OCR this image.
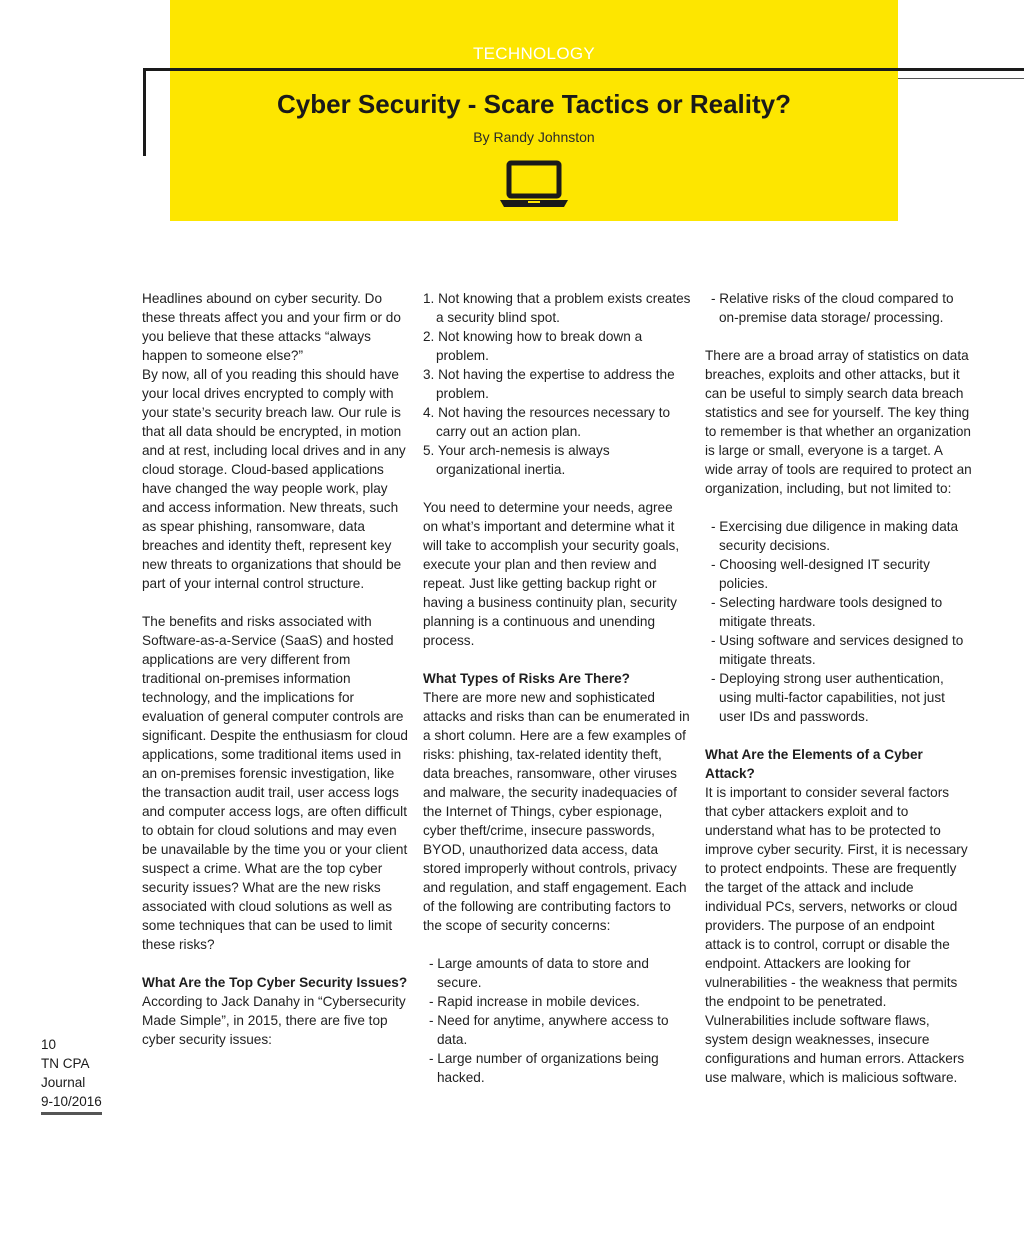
TECHNOLOGY
Cyber Security - Scare Tactics or Reality?
By Randy Johnston

Headlines abound on cyber security. Do these threats affect you and your firm or do you believe that these attacks “always happen to someone else?”

By now, all of you reading this should have your local drives encrypted to comply with your state’s security breach law. Our rule is that all data should be encrypted, in motion and at rest, including local drives and in any cloud storage. Cloud-based applications have changed the way people work, play and access information. New threats, such as spear phishing, ransomware, data breaches and identity theft, represent key new threats to organizations that should be part of your internal control structure.

The benefits and risks associated with Software-as-a-Service (SaaS) and hosted applications are very different from traditional on-premises information technology, and the implications for evaluation of general computer controls are significant. Despite the enthusiasm for cloud applications, some traditional items used in an on-premises forensic investigation, like the transaction audit trail, user access logs and computer access logs, are often difficult to obtain for cloud solutions and may even be unavailable by the time you or your client suspect a crime. What are the top cyber security issues? What are the new risks associated with cloud solutions as well as some techniques that can be used to limit these risks?

What Are the Top Cyber Security Issues?

According to Jack Danahy in “Cybersecurity Made Simple”, in 2015, there are five top cyber security issues:

1. Not knowing that a problem exists creates a security blind spot.
2. Not knowing how to break down a problem.
3. Not having the expertise to address the problem.
4. Not having the resources necessary to carry out an action plan.
5. Your arch-nemesis is always organizational inertia.

You need to determine your needs, agree on what’s important and determine what it will take to accomplish your security goals, execute your plan and then review and repeat. Just like getting backup right or having a business continuity plan, security planning is a continuous and unending process.

What Types of Risks Are There?

There are more new and sophisticated attacks and risks than can be enumerated in a short column. Here are a few examples of risks: phishing, tax-related identity theft, data breaches, ransomware, other viruses and malware, the security inadequacies of the Internet of Things, cyber espionage, cyber theft/crime, insecure passwords, BYOD, unauthorized data access, data stored improperly without controls, privacy and regulation, and staff engagement. Each of the following are contributing factors to the scope of security concerns:

- Large amounts of data to store and secure.
- Rapid increase in mobile devices.
- Need for anytime, anywhere access to data.
- Large number of organizations being hacked.
- Relative risks of the cloud compared to on-premise data storage/ processing.

There are a broad array of statistics on data breaches, exploits and other attacks, but it can be useful to simply search data breach statistics and see for yourself. The key thing to remember is that whether an organization is large or small, everyone is a target. A wide array of tools are required to protect an organization, including, but not limited to:

- Exercising due diligence in making data security decisions.
- Choosing well-designed IT security policies.
- Selecting hardware tools designed to mitigate threats.
- Using software and services designed to mitigate threats.
- Deploying strong user authentication, using multi-factor capabilities, not just user IDs and passwords.
What Are the Elements of a Cyber Attack?

It is important to consider several factors that cyber attackers exploit and to understand what has to be protected to improve cyber security. First, it is necessary to protect endpoints. These are frequently the target of the attack and include individual PCs, servers, networks or cloud providers. The purpose of an endpoint attack is to control, corrupt or disable the endpoint. Attackers are looking for vulnerabilities - the weakness that permits the endpoint to be penetrated. Vulnerabilities include software flaws, system design weaknesses, insecure configurations and human errors. Attackers use malware, which is malicious software.

10
TN CPA
Journal
9-10/2016
